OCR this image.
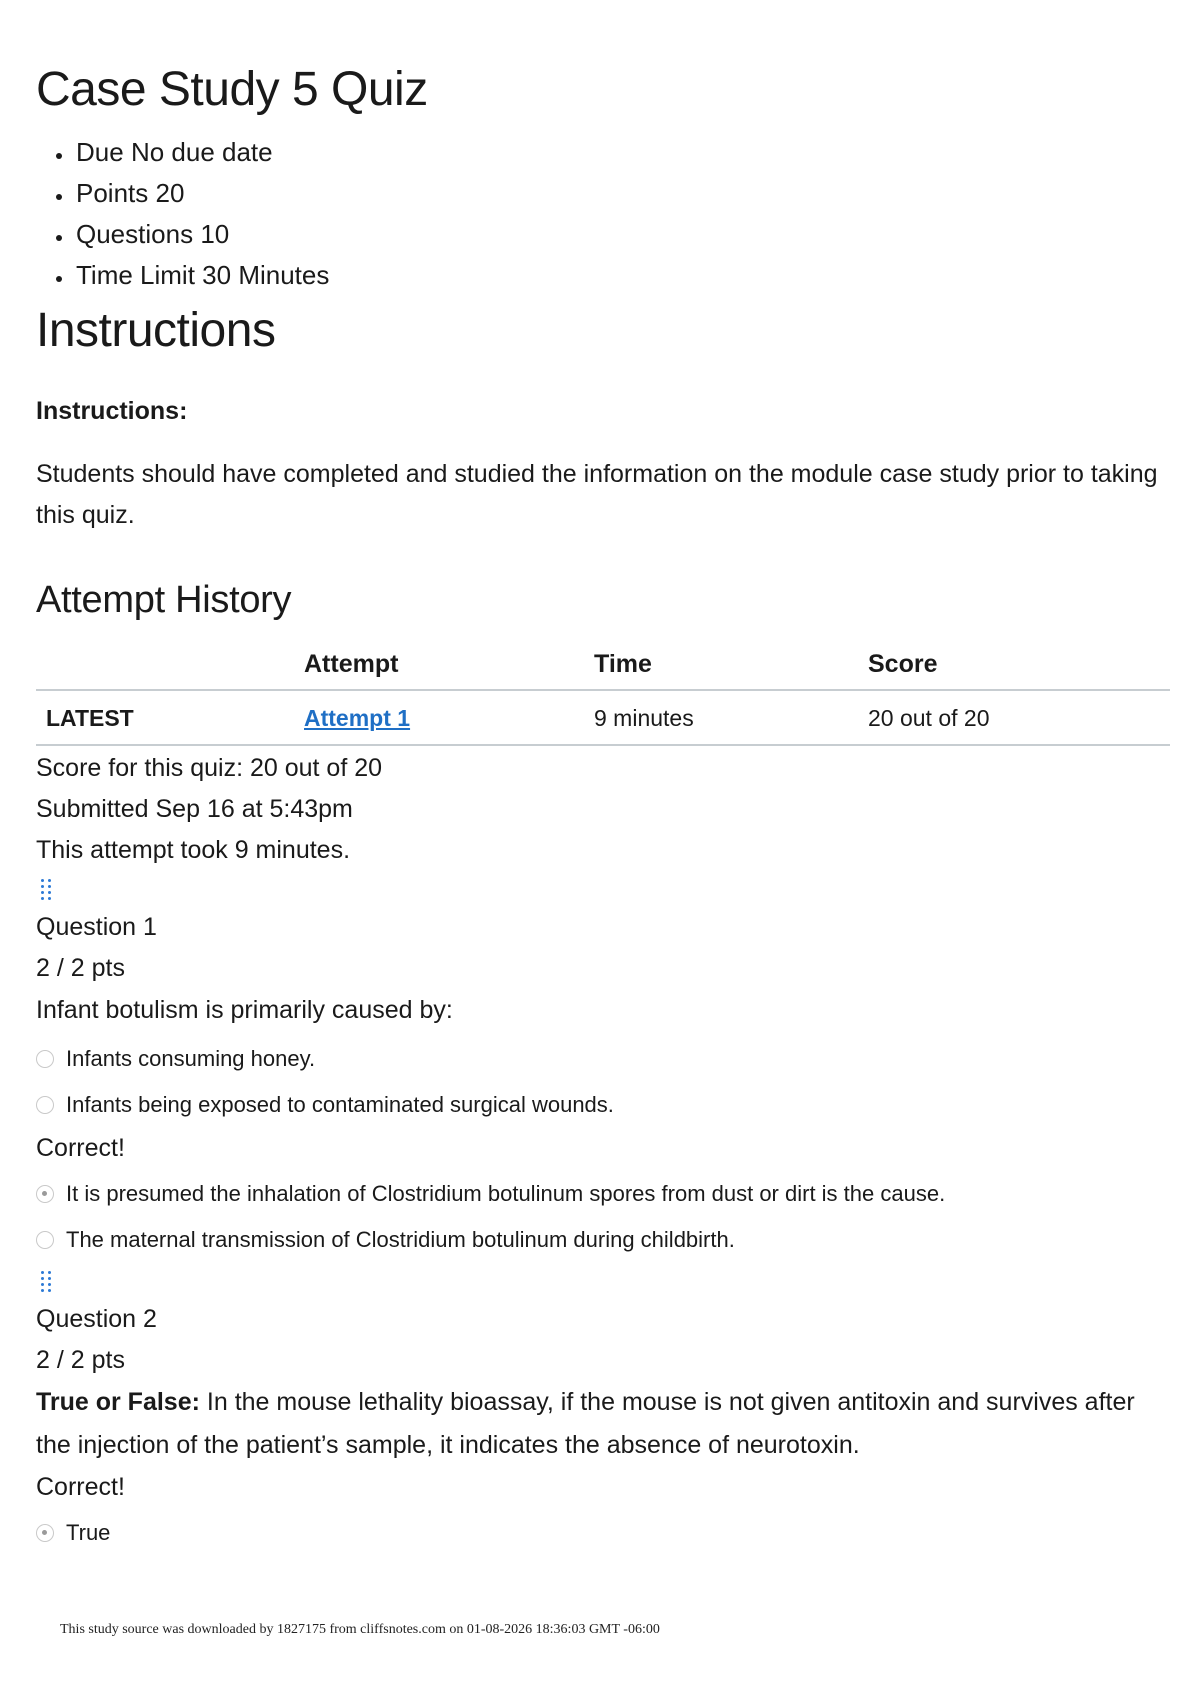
Case Study 5 Quiz
• Due No due date
• Points 20
• Questions 10
• Time Limit 30 Minutes
Instructions
Instructions:
Students should have completed and studied the information on the module case study prior to taking this quiz.
Attempt History
	Attempt	Time	Score
LATEST	Attempt 1	9 minutes	20 out of 20
Score for this quiz: 20 out of 20
Submitted Sep 16 at 5:43pm
This attempt took 9 minutes.
Question 1
2 / 2 pts
Infant botulism is primarily caused by:
Infants consuming honey.
Infants being exposed to contaminated surgical wounds.
Correct!
It is presumed the inhalation of Clostridium botulinum spores from dust or dirt is the cause.
The maternal transmission of Clostridium botulinum during childbirth.
Question 2
2 / 2 pts
True or False: In the mouse lethality bioassay, if the mouse is not given antitoxin and survives after the injection of the patient’s sample, it indicates the absence of neurotoxin.
Correct!
True
This study source was downloaded by 1827175 from cliffsnotes.com on 01-08-2026 18:36:03 GMT -06:00
